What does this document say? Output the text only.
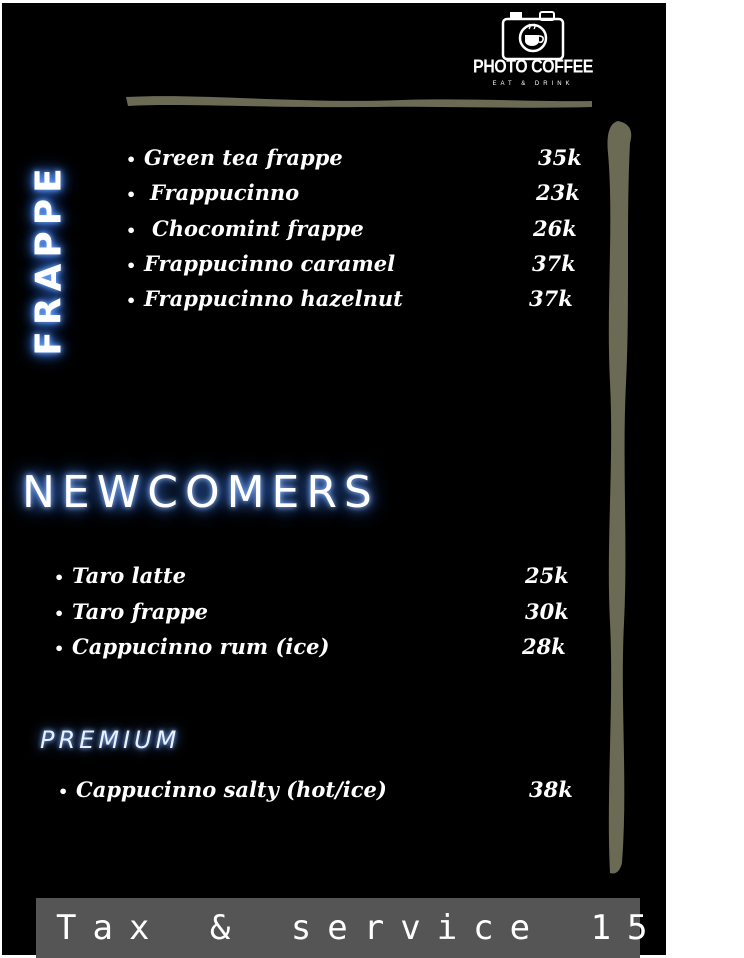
PHOTO COFFEE
EAT & DRINK
FRAPPE
• Green tea frappe	35k
• Frappucinno	23k
• Chocomint frappe	26k
• Frappucinno caramel	37k
• Frappucinno hazelnut	37k
NEWCOMERS
• Taro latte	25k
• Taro frappe	30k
• Cappucinno rum (ice)	28k
PREMIUM
• Cappucinno salty (hot/ice)	38k
Tax & service 15 %
